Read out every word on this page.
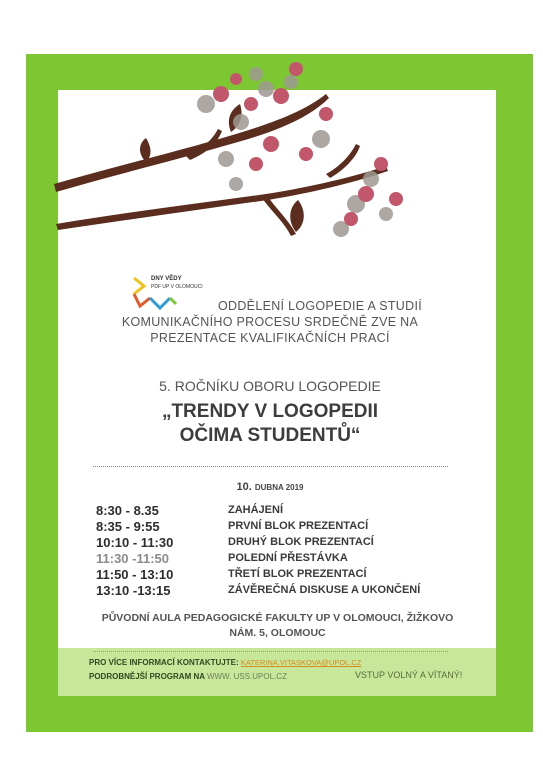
DNY VĚDY
PDF UP V OLOMOUCI
ODDĚLENÍ LOGOPEDIE A STUDIÍ
KOMUNIKAČNÍHO PROCESU SRDEČNĚ ZVE NA
PREZENTACE KVALIFIKAČNÍCH PRACÍ
5. ROČNÍKU OBORU LOGOPEDIE
„TRENDY V LOGOPEDII
OČIMA STUDENTŮ“
10. DUBNA 2019
8:30 - 8.35	ZAHÁJENÍ
8:35 - 9:55	PRVNÍ BLOK PREZENTACÍ
10:10 - 11:30	DRUHÝ BLOK PREZENTACÍ
11:30 -11:50	POLEDNÍ PŘESTÁVKA
11:50 - 13:10	TŘETÍ BLOK PREZENTACÍ
13:10 -13:15	ZÁVĚREČNÁ DISKUSE A UKONČENÍ
PŮVODNÍ AULA PEDAGOGICKÉ FAKULTY UP V OLOMOUCI, ŽIŽKOVO
NÁM. 5, OLOMOUC
PRO VÍCE INFORMACÍ KONTAKTUJTE: KATERINA.VITASKOVA@UPOL.CZ
PODROBNĚJŠÍ PROGRAM NA WWW. USS.UPOL.CZ	VSTUP VOLNÝ A VÍTANÝ!
